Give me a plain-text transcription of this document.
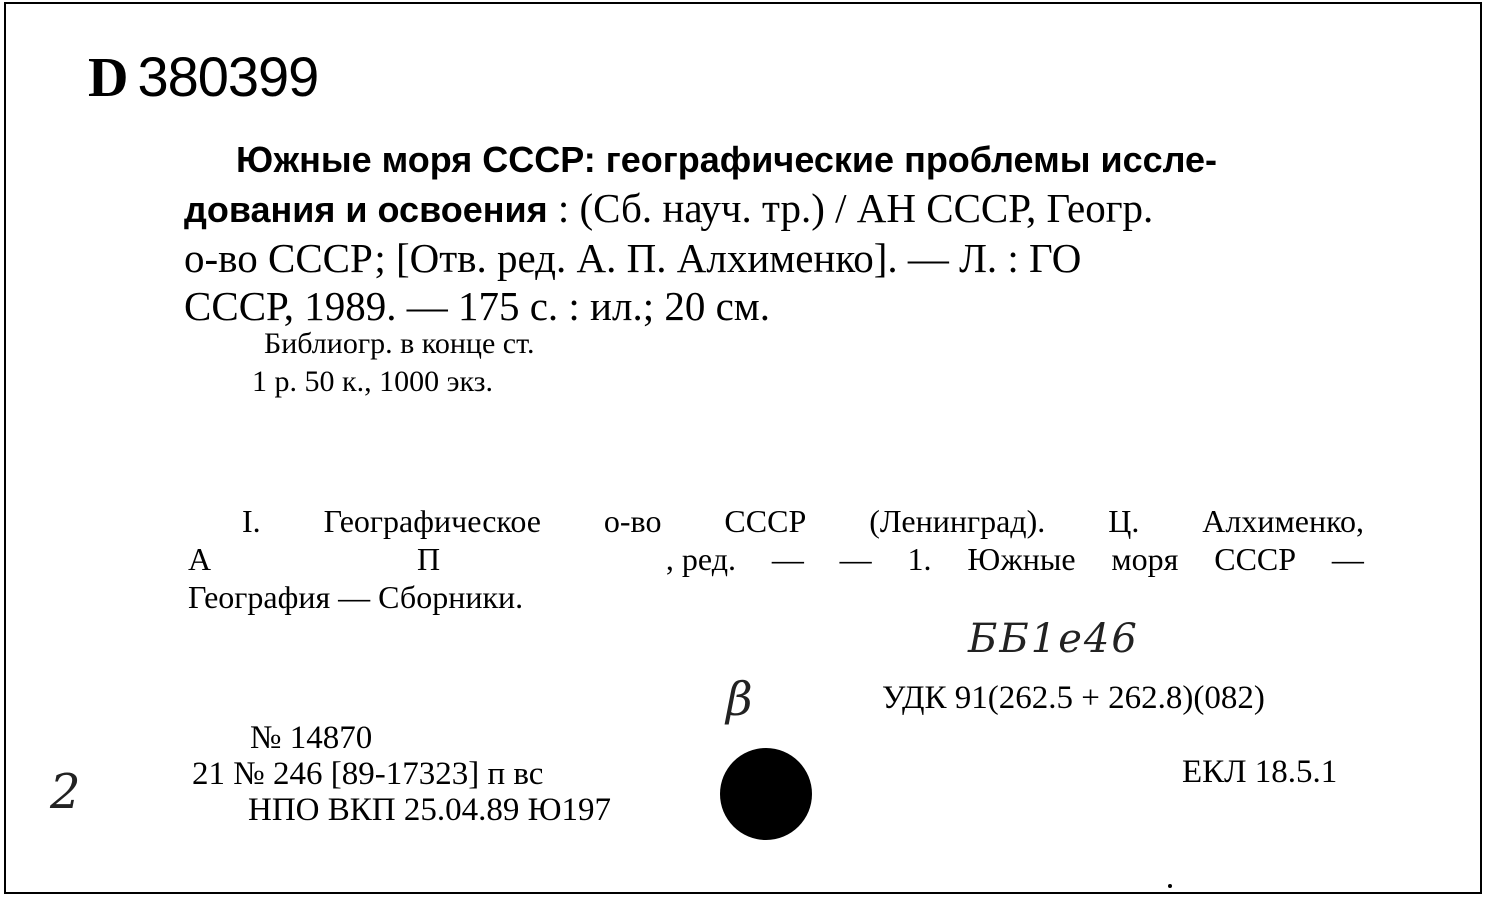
D 380399
Южные моря СССР: географические проблемы иссле-
дования и освоения : (Сб. науч. тр.) / АН СССР, Геогр.
о-во СССР; [Отв. ред. А. П. Алхименко]. — Л. : ГО
СССР, 1989. — 175 с. : ил.; 20 см.
Библиогр. в конце ст.
1 р. 50 к., 1000 экз.
I. Географическое о-во СССР (Ленинград). Ц. Алхименко,
А	П	, ред. — — 1. Южные моря СССР —
География — Сборники.
ББ1е46
β
2
УДК 91(262.5 + 262.8)(082)
ЕКЛ 18.5.1
№ 14870
21 № 246 [89-17323] п вс
НПО ВКП 25.04.89 Ю197
